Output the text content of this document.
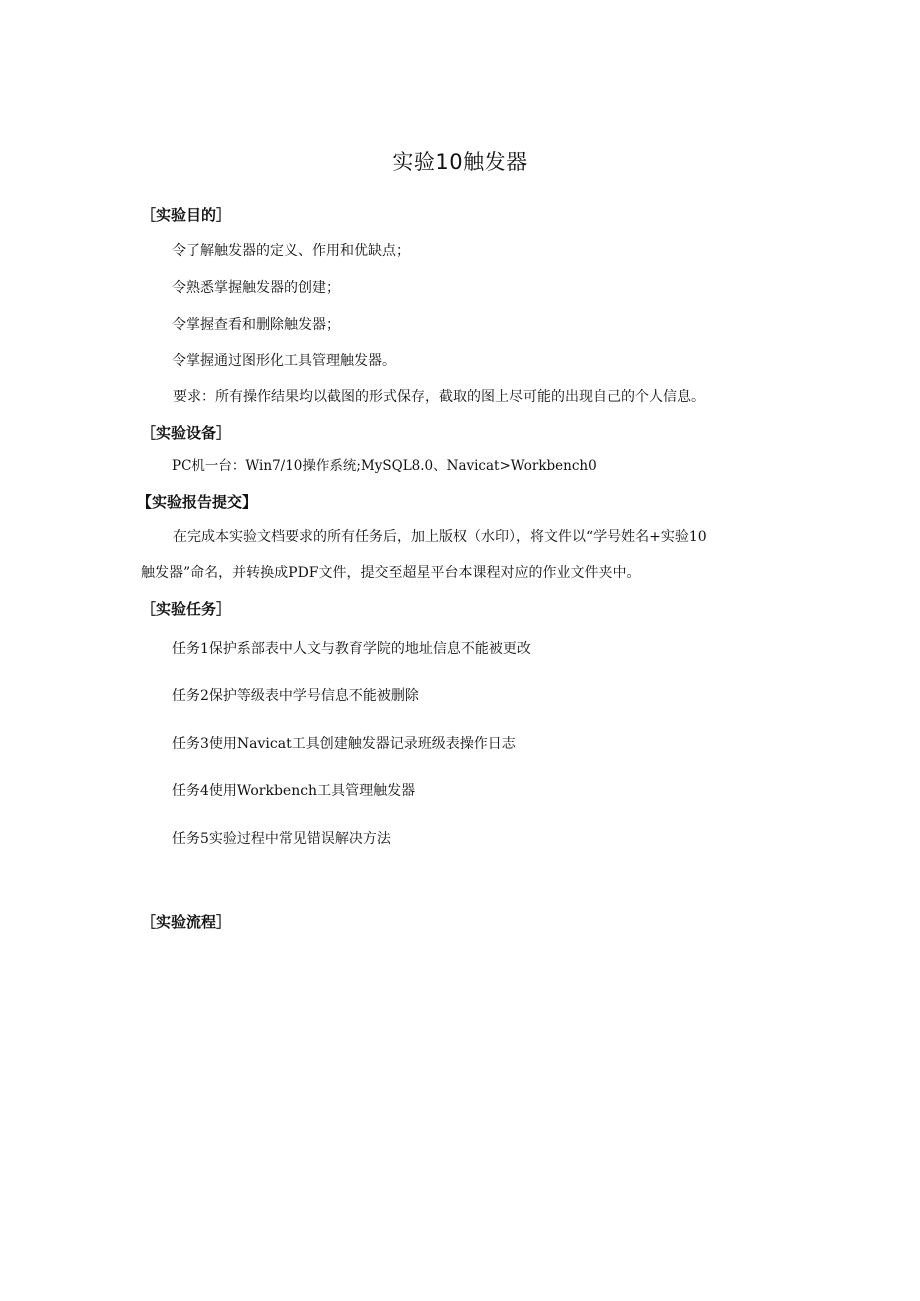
实验10触发器
［实验目的］
令了解触发器的定义、作用和优缺点；
令熟悉掌握触发器的创建；
令掌握查看和删除触发器；
令掌握通过图形化工具管理触发器。
要求：所有操作结果均以截图的形式保存，截取的图上尽可能的出现自己的个人信息。
［实验设备］
PC机一台：Win7/10操作系统;MySQL8.0、Navicat>Workbench0
【实验报告提交】
在完成本实验文档要求的所有任务后，加上版权（水印），将文件以“学号姓名+实验10
触发器”命名，并转换成PDF文件，提交至超星平台本课程对应的作业文件夹中。
［实验任务］
任务1保护系部表中人文与教育学院的地址信息不能被更改
任务2保护等级表中学号信息不能被删除
任务3使用Navicat工具创建触发器记录班级表操作日志
任务4使用Workbench工具管理触发器
任务5实验过程中常见错误解决方法
［实验流程］
